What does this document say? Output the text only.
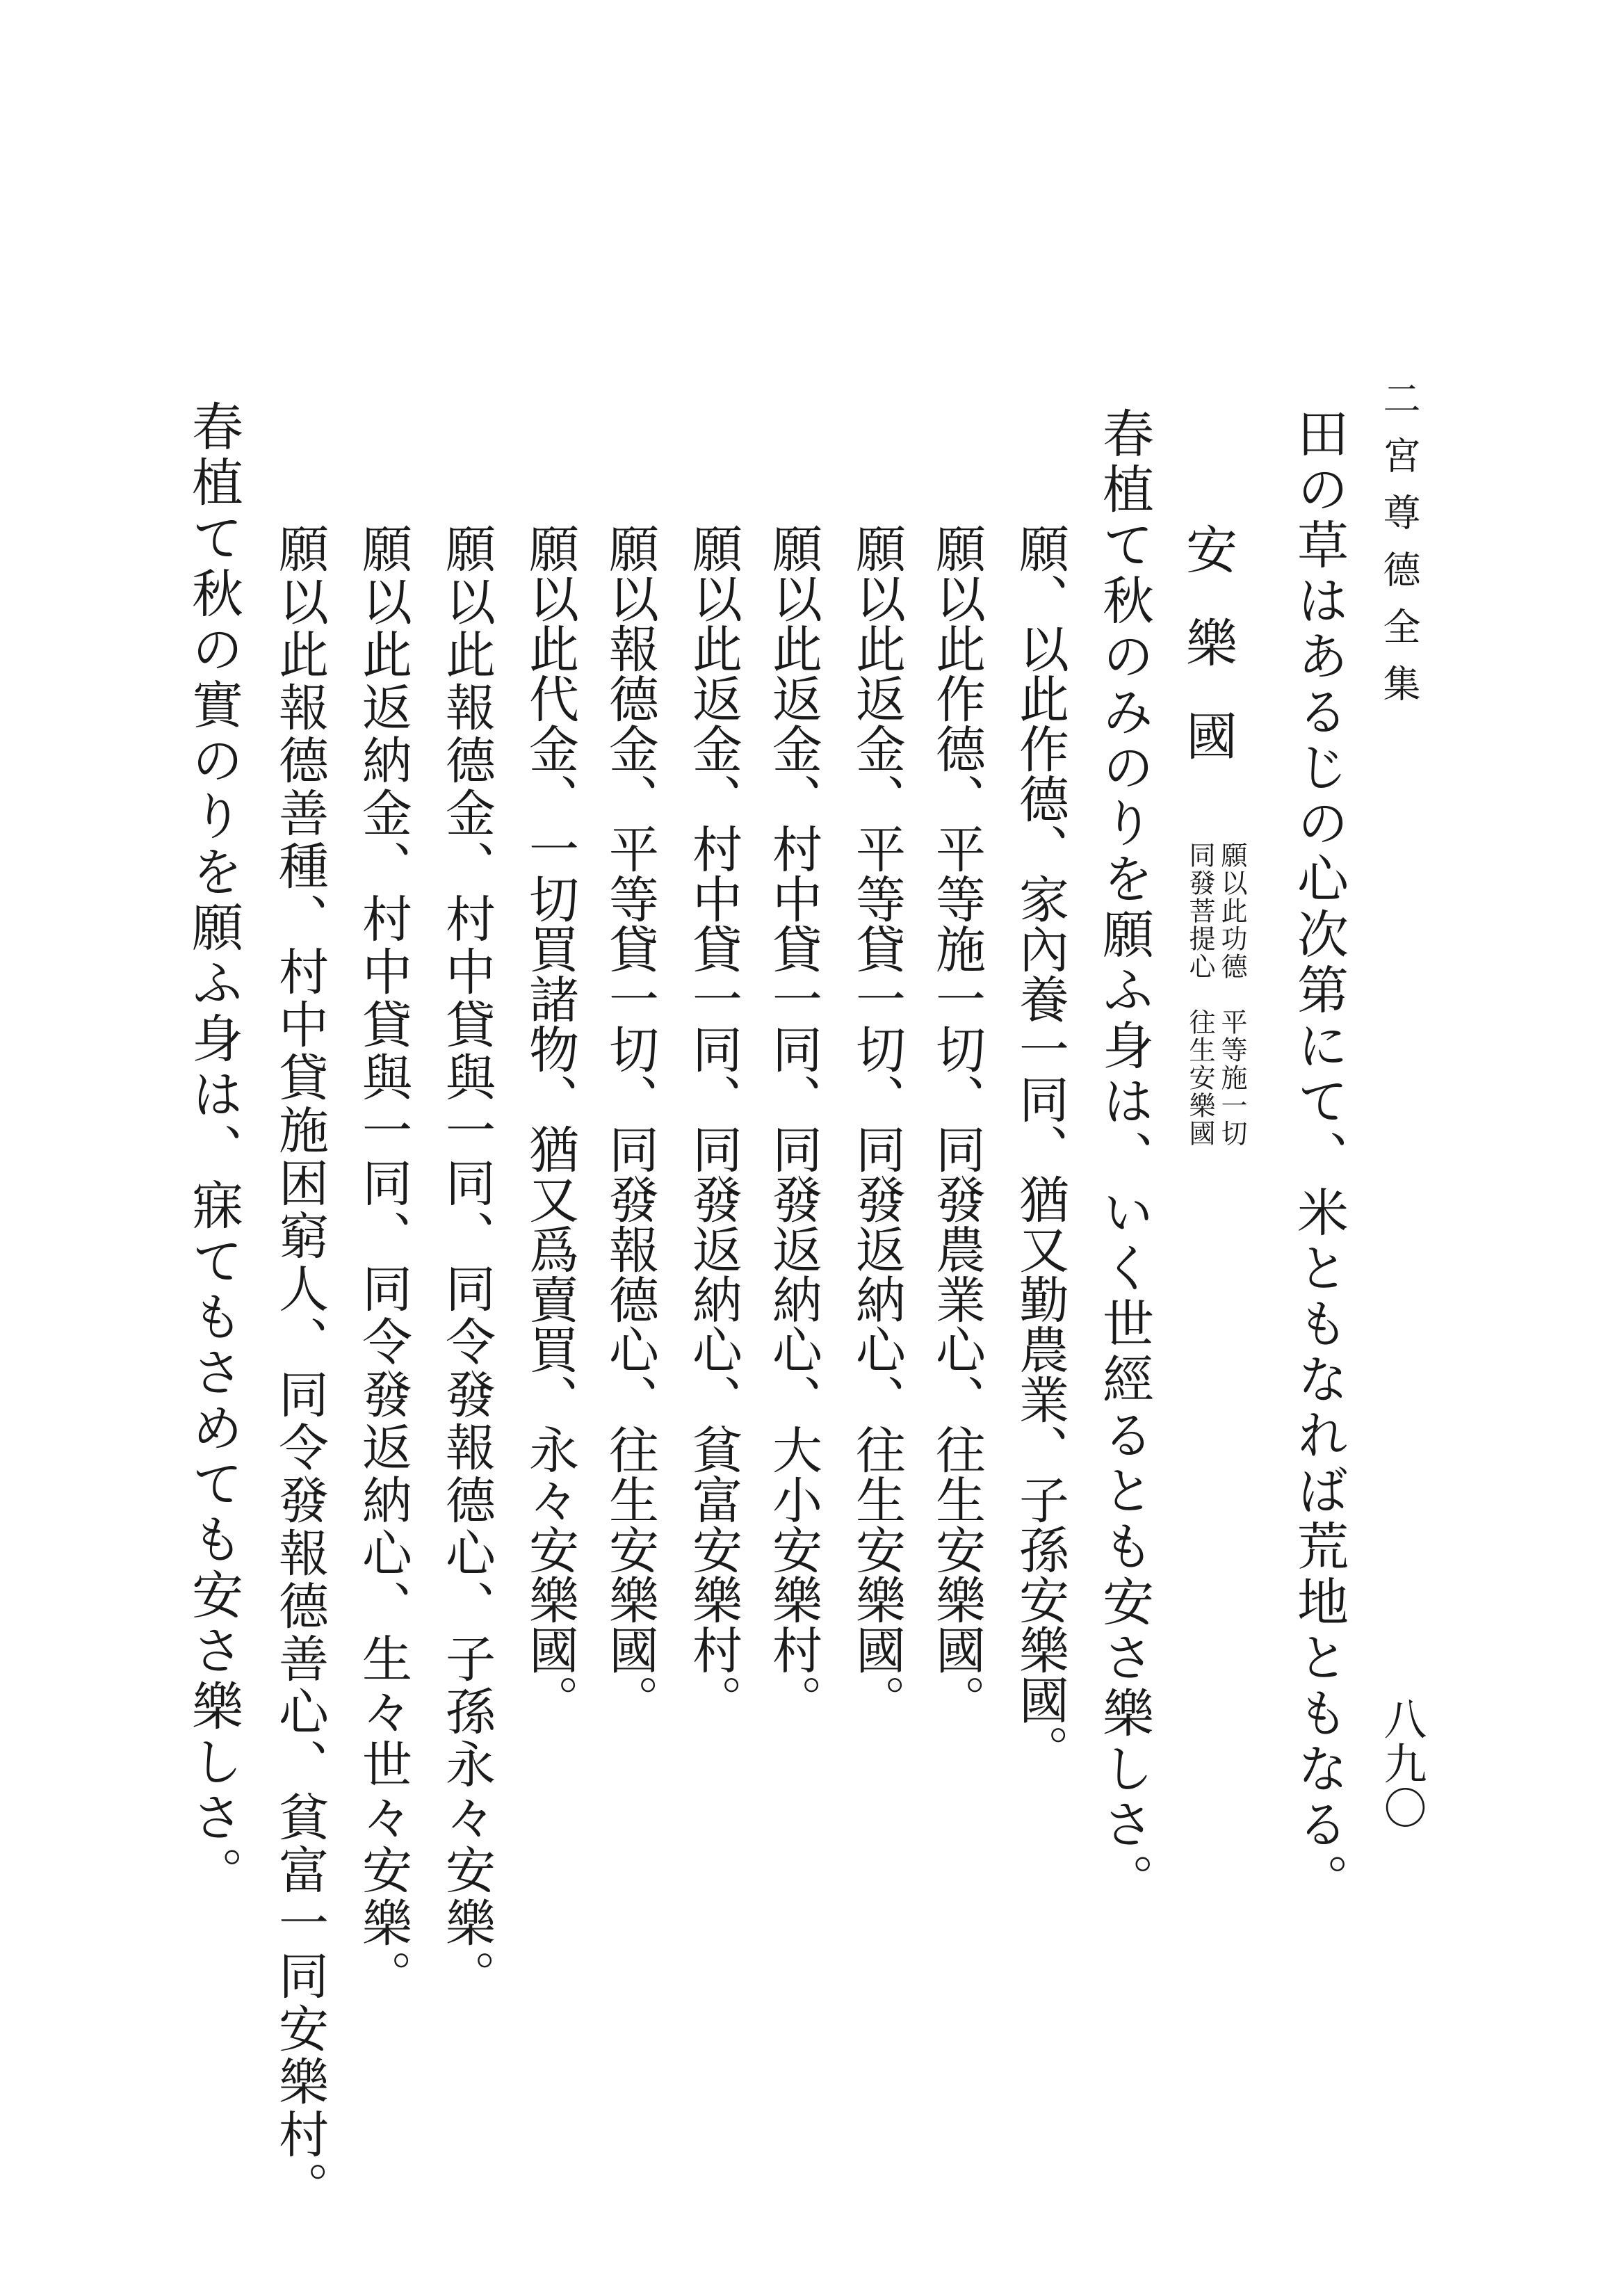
二宮尊德全集
八九〇
田の草はあるじの心次第にて、米ともなれば荒地ともなる。
安樂國
願以此功德
同發菩提心
平等施一切
往生安樂國
春植て秋のみのりを願ふ身は、いく世經るとも安さ樂しさ。
願、以此作德、家內養一同、猶又勤農業、子孫安樂國。
願以此作德、平等施一切、同發農業心、往生安樂國。
願以此返金、平等貸一切、同發返納心、往生安樂國。
願以此返金、村中貸一同、同發返納心、大小安樂村。
願以此返金、村中貸一同、同發返納心、貧富安樂村。
願以報德金、平等貸一切、同發報德心、往生安樂國。
願以此代金、一切買諸物、猶又爲賣買、永々安樂國。
願以此報德金、村中貸與一同、同令發報德心、子孫永々安樂。
願以此返納金、村中貸與一同、同令發返納心、生々世々安樂。
願以此報德善種、村中貸施困窮人、同令發報德善心、貧富一同安樂村。
春植て秋の實のりを願ふ身は、寐てもさめても安さ樂しさ。
